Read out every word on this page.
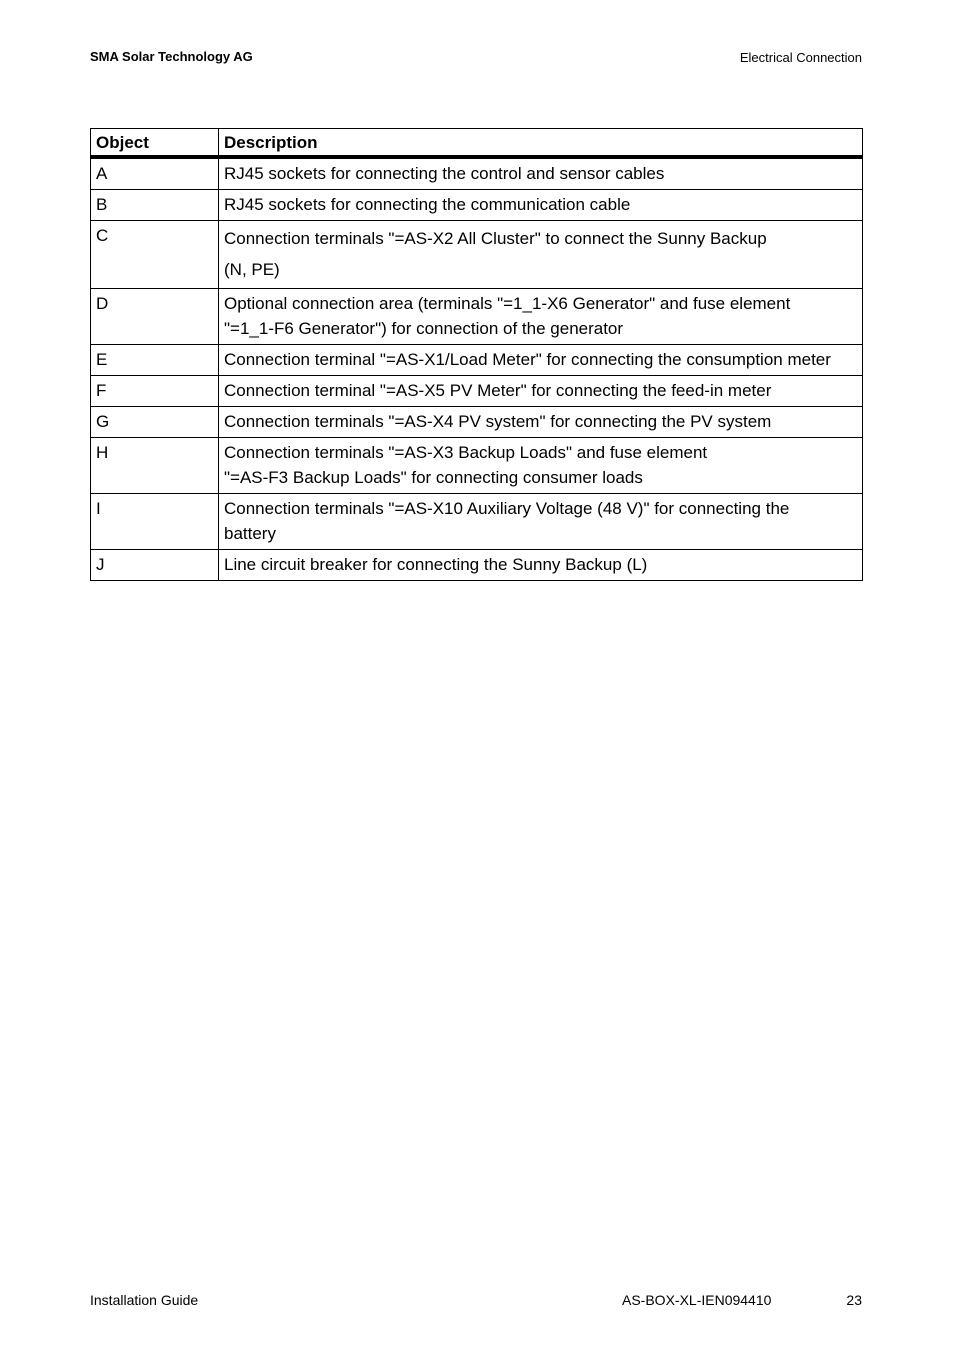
SMA Solar Technology AG	Electrical Connection
Object	Description
A	RJ45 sockets for connecting the control and sensor cables
B	RJ45 sockets for connecting the communication cable
C	Connection terminals "=AS-X2 All Cluster" to connect the Sunny Backup
(N, PE)
D	Optional connection area (terminals "=1_1-X6 Generator" and fuse element
"=1_1-F6 Generator") for connection of the generator
E	Connection terminal "=AS-X1/Load Meter" for connecting the consumption meter
F	Connection terminal "=AS-X5 PV Meter" for connecting the feed-in meter
G	Connection terminals "=AS-X4 PV system" for connecting the PV system
H	Connection terminals "=AS-X3 Backup Loads" and fuse element
"=AS-F3 Backup Loads" for connecting consumer loads
I	Connection terminals "=AS-X10 Auxiliary Voltage (48 V)" for connecting the
battery
J	Line circuit breaker for connecting the Sunny Backup (L)
Installation Guide	AS-BOX-XL-IEN094410	23
